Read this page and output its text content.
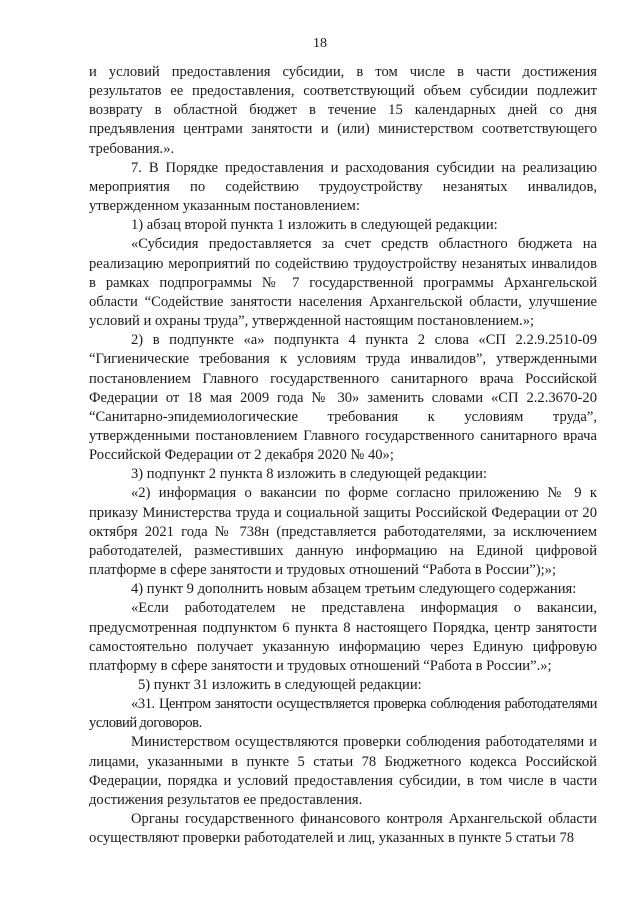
18

и условий предоставления субсидии, в том числе в части достижения результатов ее предоставления, соответствующий объем субсидии подлежит возврату в областной бюджет в течение 15 календарных дней со дня предъявления центрами занятости и (или) министерством соответствующего требования.».

7. В Порядке предоставления и расходования субсидии на реализацию мероприятия по содействию трудоустройству незанятых инвалидов, утвержденном указанным постановлением:

1) абзац второй пункта 1 изложить в следующей редакции:

«Субсидия предоставляется за счет средств областного бюджета на реализацию мероприятий по содействию трудоустройству незанятых инвалидов в рамках подпрограммы № 7 государственной программы Архангельской области “Содействие занятости населения Архангельской области, улучшение условий и охраны труда”, утвержденной настоящим постановлением.»;

2) в подпункте «а» подпункта 4 пункта 2 слова «СП 2.2.9.2510-09 “Гигиенические требования к условиям труда инвалидов”, утвержденными постановлением Главного государственного санитарного врача Российской Федерации от 18 мая 2009 года № 30» заменить словами «СП 2.2.3670-20 “Санитарно-эпидемиологические требования к условиям труда”, утвержденными постановлением Главного государственного санитарного врача Российской Федерации от 2 декабря 2020 № 40»;

3) подпункт 2 пункта 8 изложить в следующей редакции:

«2) информация о вакансии по форме согласно приложению № 9 к приказу Министерства труда и социальной защиты Российской Федерации от 20 октября 2021 года № 738н (представляется работодателями, за исключением работодателей, разместивших данную информацию на Единой цифровой платформе в сфере занятости и трудовых отношений “Работа в России”);»;

4) пункт 9 дополнить новым абзацем третьим следующего содержания:

«Если работодателем не представлена информация о вакансии, предусмотренная подпунктом 6 пункта 8 настоящего Порядка, центр занятости самостоятельно получает указанную информацию через Единую цифровую платформу в сфере занятости и трудовых отношений “Работа в России”.»;

5) пункт 31 изложить в следующей редакции:

«31. Центром занятости осуществляется проверка соблюдения работодателями условий договоров.

Министерством осуществляются проверки соблюдения работодателями и лицами, указанными в пункте 5 статьи 78 Бюджетного кодекса Российской Федерации, порядка и условий предоставления субсидии, в том числе в части достижения результатов ее предоставления.

Органы государственного финансового контроля Архангельской области осуществляют проверки работодателей и лиц, указанных в пункте 5 статьи 78
